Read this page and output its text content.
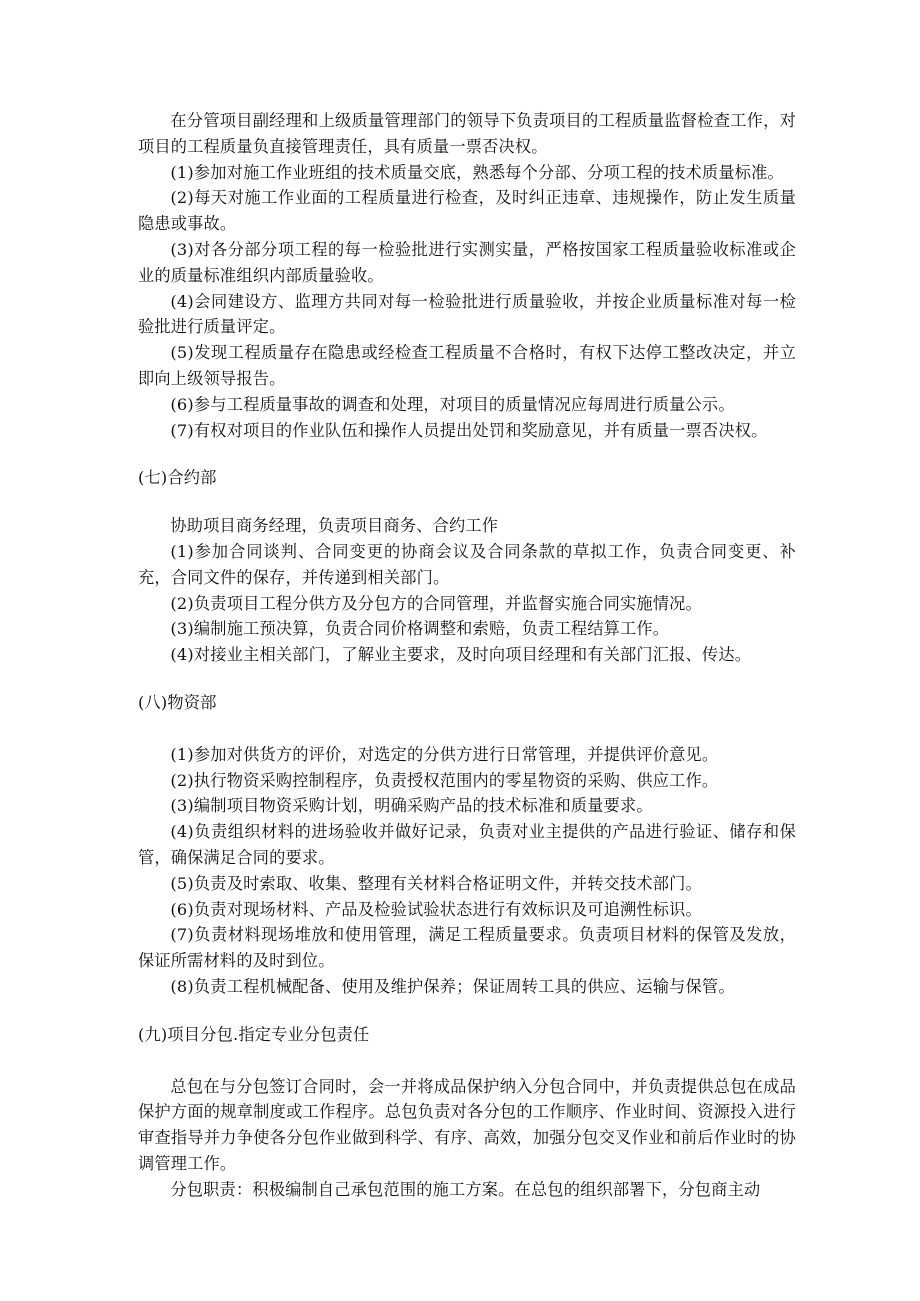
在分管项目副经理和上级质量管理部门的领导下负责项目的工程质量监督检查工作，对项目的工程质量负直接管理责任，具有质量一票否决权。

(1)参加对施工作业班组的技术质量交底，熟悉每个分部、分项工程的技术质量标准。

(2)每天对施工作业面的工程质量进行检查，及时纠正违章、违规操作，防止发生质量隐患或事故。

(3)对各分部分项工程的每一检验批进行实测实量，严格按国家工程质量验收标准或企业的质量标准组织内部质量验收。

(4)会同建设方、监理方共同对每一检验批进行质量验收，并按企业质量标准对每一检验批进行质量评定。

(5)发现工程质量存在隐患或经检查工程质量不合格时，有权下达停工整改决定，并立即向上级领导报告。

(6)参与工程质量事故的调查和处理，对项目的质量情况应每周进行质量公示。

(7)有权对项目的作业队伍和操作人员提出处罚和奖励意见，并有质量一票否决权。

(七)合约部

协助项目商务经理，负责项目商务、合约工作

(1)参加合同谈判、合同变更的协商会议及合同条款的草拟工作，负责合同变更、补充，合同文件的保存，并传递到相关部门。

(2)负责项目工程分供方及分包方的合同管理，并监督实施合同实施情况。

(3)编制施工预决算，负责合同价格调整和索赔，负责工程结算工作。

(4)对接业主相关部门，了解业主要求，及时向项目经理和有关部门汇报、传达。

(八)物资部

(1)参加对供货方的评价，对选定的分供方进行日常管理，并提供评价意见。

(2)执行物资采购控制程序，负责授权范围内的零星物资的采购、供应工作。

(3)编制项目物资采购计划，明确采购产品的技术标准和质量要求。

(4)负责组织材料的进场验收并做好记录，负责对业主提供的产品进行验证、储存和保管，确保满足合同的要求。

(5)负责及时索取、收集、整理有关材料合格证明文件，并转交技术部门。

(6)负责对现场材料、产品及检验试验状态进行有效标识及可追溯性标识。

(7)负责材料现场堆放和使用管理，满足工程质量要求。负责项目材料的保管及发放，保证所需材料的及时到位。

(8)负责工程机械配备、使用及维护保养；保证周转工具的供应、运输与保管。

(九)项目分包.指定专业分包责任

总包在与分包签订合同时，会一并将成品保护纳入分包合同中，并负责提供总包在成品保护方面的规章制度或工作程序。总包负责对各分包的工作顺序、作业时间、资源投入进行审查指导并力争使各分包作业做到科学、有序、高效，加强分包交叉作业和前后作业时的协调管理工作。

分包职责：积极编制自己承包范围的施工方案。在总包的组织部署下，分包商主动
